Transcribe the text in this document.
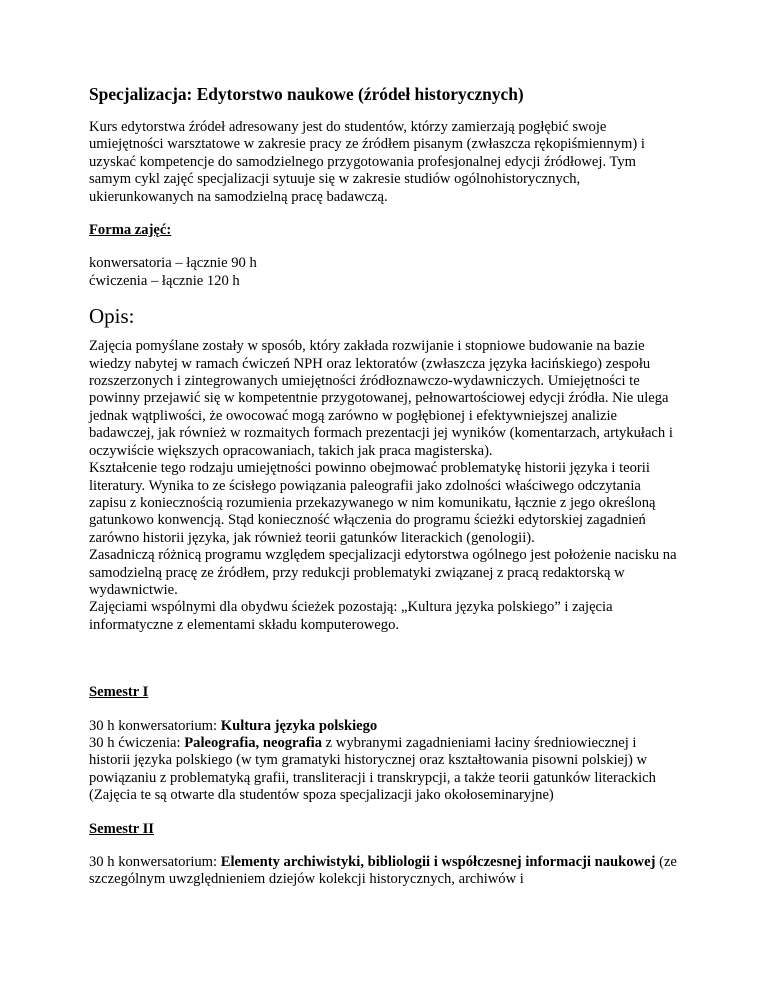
Specjalizacja: Edytorstwo naukowe (źródeł historycznych)

Kurs edytorstwa źródeł adresowany jest do studentów, którzy zamierzają pogłębić swoje umiejętności warsztatowe w zakresie pracy ze źródłem pisanym (zwłaszcza rękopiśmiennym) i uzyskać kompetencje do samodzielnego przygotowania profesjonalnej edycji źródłowej. Tym samym cykl zajęć specjalizacji sytuuje się w zakresie studiów ogólnohistorycznych, ukierunkowanych na samodzielną pracę badawczą.

Forma zajęć:

konwersatoria – łącznie 90 h

ćwiczenia – łącznie 120 h

Opis:

Zajęcia pomyślane zostały w sposób, który zakłada rozwijanie i stopniowe budowanie na bazie wiedzy nabytej w ramach ćwiczeń NPH oraz lektoratów (zwłaszcza języka łacińskiego) zespołu rozszerzonych i zintegrowanych umiejętności źródłoznawczo-wydawniczych. Umiejętności te powinny przejawić się w kompetentnie przygotowanej, pełnowartościowej edycji źródła. Nie ulega jednak wątpliwości, że owocować mogą zarówno w pogłębionej i efektywniejszej analizie badawczej, jak również w rozmaitych formach prezentacji jej wyników (komentarzach, artykułach i oczywiście większych opracowaniach, takich jak praca magisterska).

Kształcenie tego rodzaju umiejętności powinno obejmować problematykę historii języka i teorii literatury. Wynika to ze ścisłego powiązania paleografii jako zdolności właściwego odczytania zapisu z koniecznością rozumienia przekazywanego w nim komunikatu, łącznie z jego określoną gatunkowo konwencją. Stąd konieczność włączenia do programu ścieżki edytorskiej zagadnień zarówno historii języka, jak również teorii gatunków literackich (genologii).

Zasadniczą różnicą programu względem specjalizacji edytorstwa ogólnego jest położenie nacisku na samodzielną pracę ze źródłem, przy redukcji problematyki związanej z pracą redaktorską w wydawnictwie.

Zajęciami wspólnymi dla obydwu ścieżek pozostają: „Kultura języka polskiego” i zajęcia informatyczne z elementami składu komputerowego.

Semestr I

30 h konwersatorium: Kultura języka polskiego

30 h ćwiczenia: Paleografia, neografia z wybranymi zagadnieniami łaciny średniowiecznej i historii języka polskiego (w tym gramatyki historycznej oraz kształtowania pisowni polskiej) w powiązaniu z problematyką grafii, transliteracji i transkrypcji, a także teorii gatunków literackich (Zajęcia te są otwarte dla studentów spoza specjalizacji jako okołoseminaryjne)

Semestr II

30 h konwersatorium: Elementy archiwistyki, bibliologii i współczesnej informacji naukowej (ze szczególnym uwzględnieniem dziejów kolekcji historycznych, archiwów i
